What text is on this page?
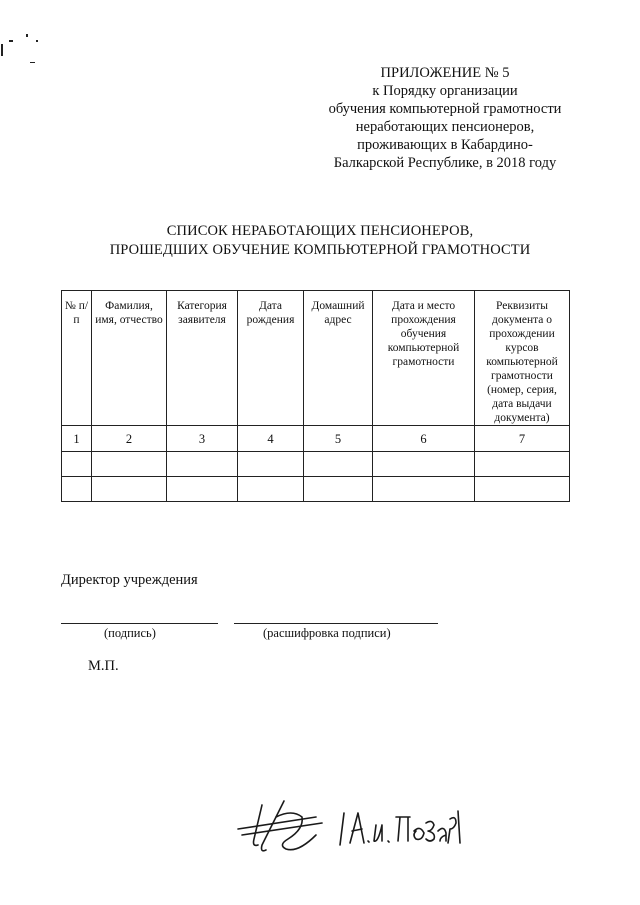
ПРИЛОЖЕНИЕ № 5
к Порядку организации
обучения компьютерной грамотности
неработающих пенсионеров,
проживающих в Кабардино-
Балкарской Республике, в 2018 году
СПИСОК НЕРАБОТАЮЩИХ ПЕНСИОНЕРОВ,
ПРОШЕДШИХ ОБУЧЕНИЕ КОМПЬЮТЕРНОЙ ГРАМОТНОСТИ
№ п/п	Фамилия, имя, отчество	Категория заявителя	Дата рождения	Домашний адрес	Дата и место прохождения обучения компьютерной грамотности	Реквизиты документа о прохождении курсов компьютерной грамотности (номер, серия, дата выдачи документа)
1	2	3	4	5	6	7

Директор учреждения
(подпись)	(расшифровка подписи)
М.П.
